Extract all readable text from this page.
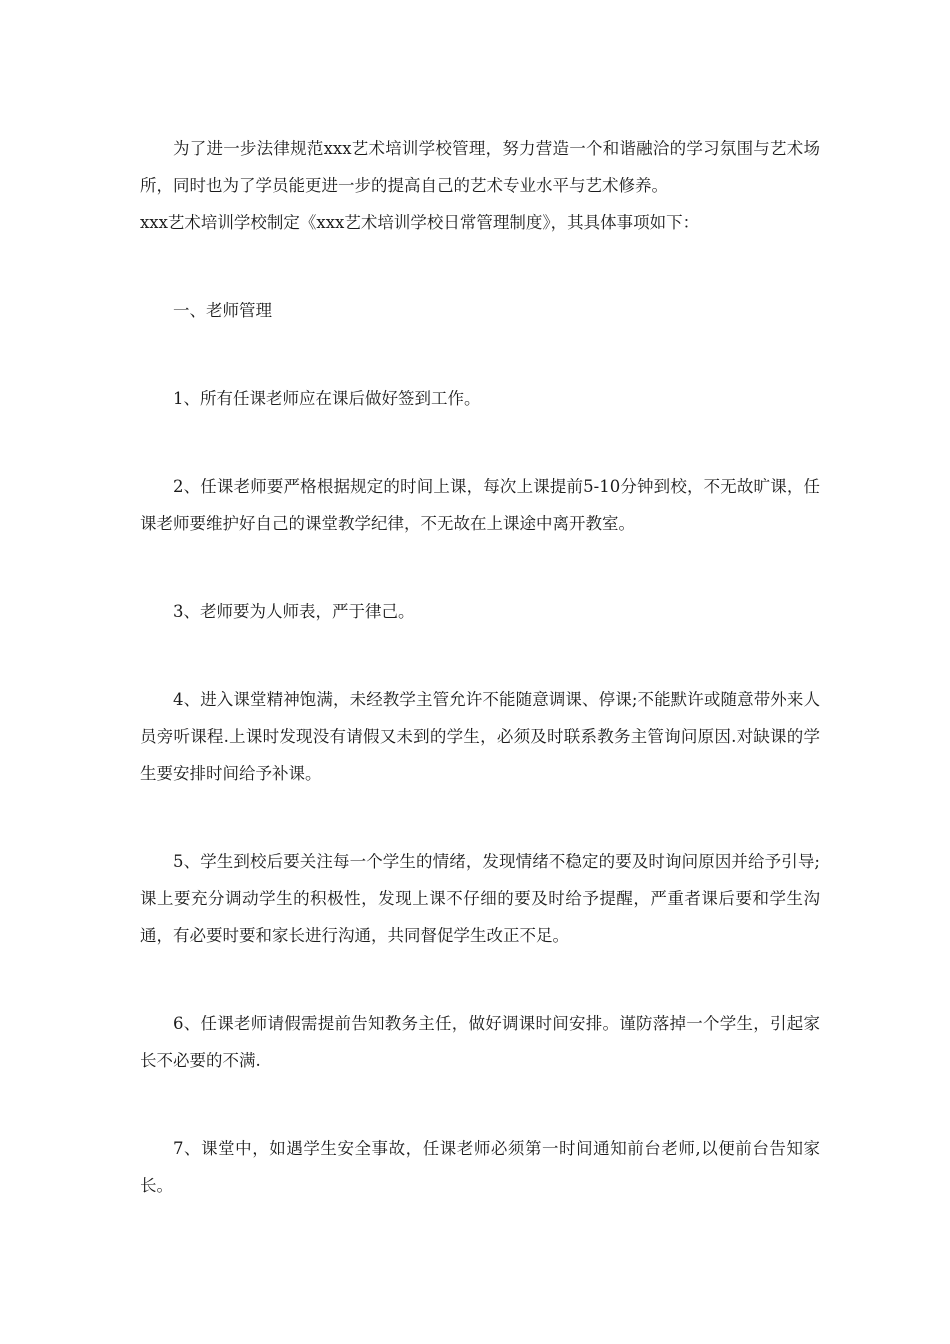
为了进一步法律规范xxx艺术培训学校管理，努力营造一个和谐融洽的学习氛围与艺术场所，同时也为了学员能更进一步的提高自己的艺术专业水平与艺术修养。

xxx艺术培训学校制定《xxx艺术培训学校日常管理制度》，其具体事项如下：

一、老师管理

1、所有任课老师应在课后做好签到工作。

2、任课老师要严格根据规定的时间上课，每次上课提前5-10分钟到校，不无故旷课，任课老师要维护好自己的课堂教学纪律，不无故在上课途中离开教室。

3、老师要为人师表，严于律己。

4、进入课堂精神饱满，未经教学主管允许不能随意调课、停课;不能默许或随意带外来人员旁听课程.上课时发现没有请假又未到的学生，必须及时联系教务主管询问原因.对缺课的学生要安排时间给予补课。

5、学生到校后要关注每一个学生的情绪，发现情绪不稳定的要及时询问原因并给予引导;课上要充分调动学生的积极性，发现上课不仔细的要及时给予提醒，严重者课后要和学生沟通，有必要时要和家长进行沟通，共同督促学生改正不足。

6、任课老师请假需提前告知教务主任，做好调课时间安排。谨防落掉一个学生，引起家长不必要的不满.

7、课堂中，如遇学生安全事故，任课老师必须第一时间通知前台老师,以便前台告知家长。
